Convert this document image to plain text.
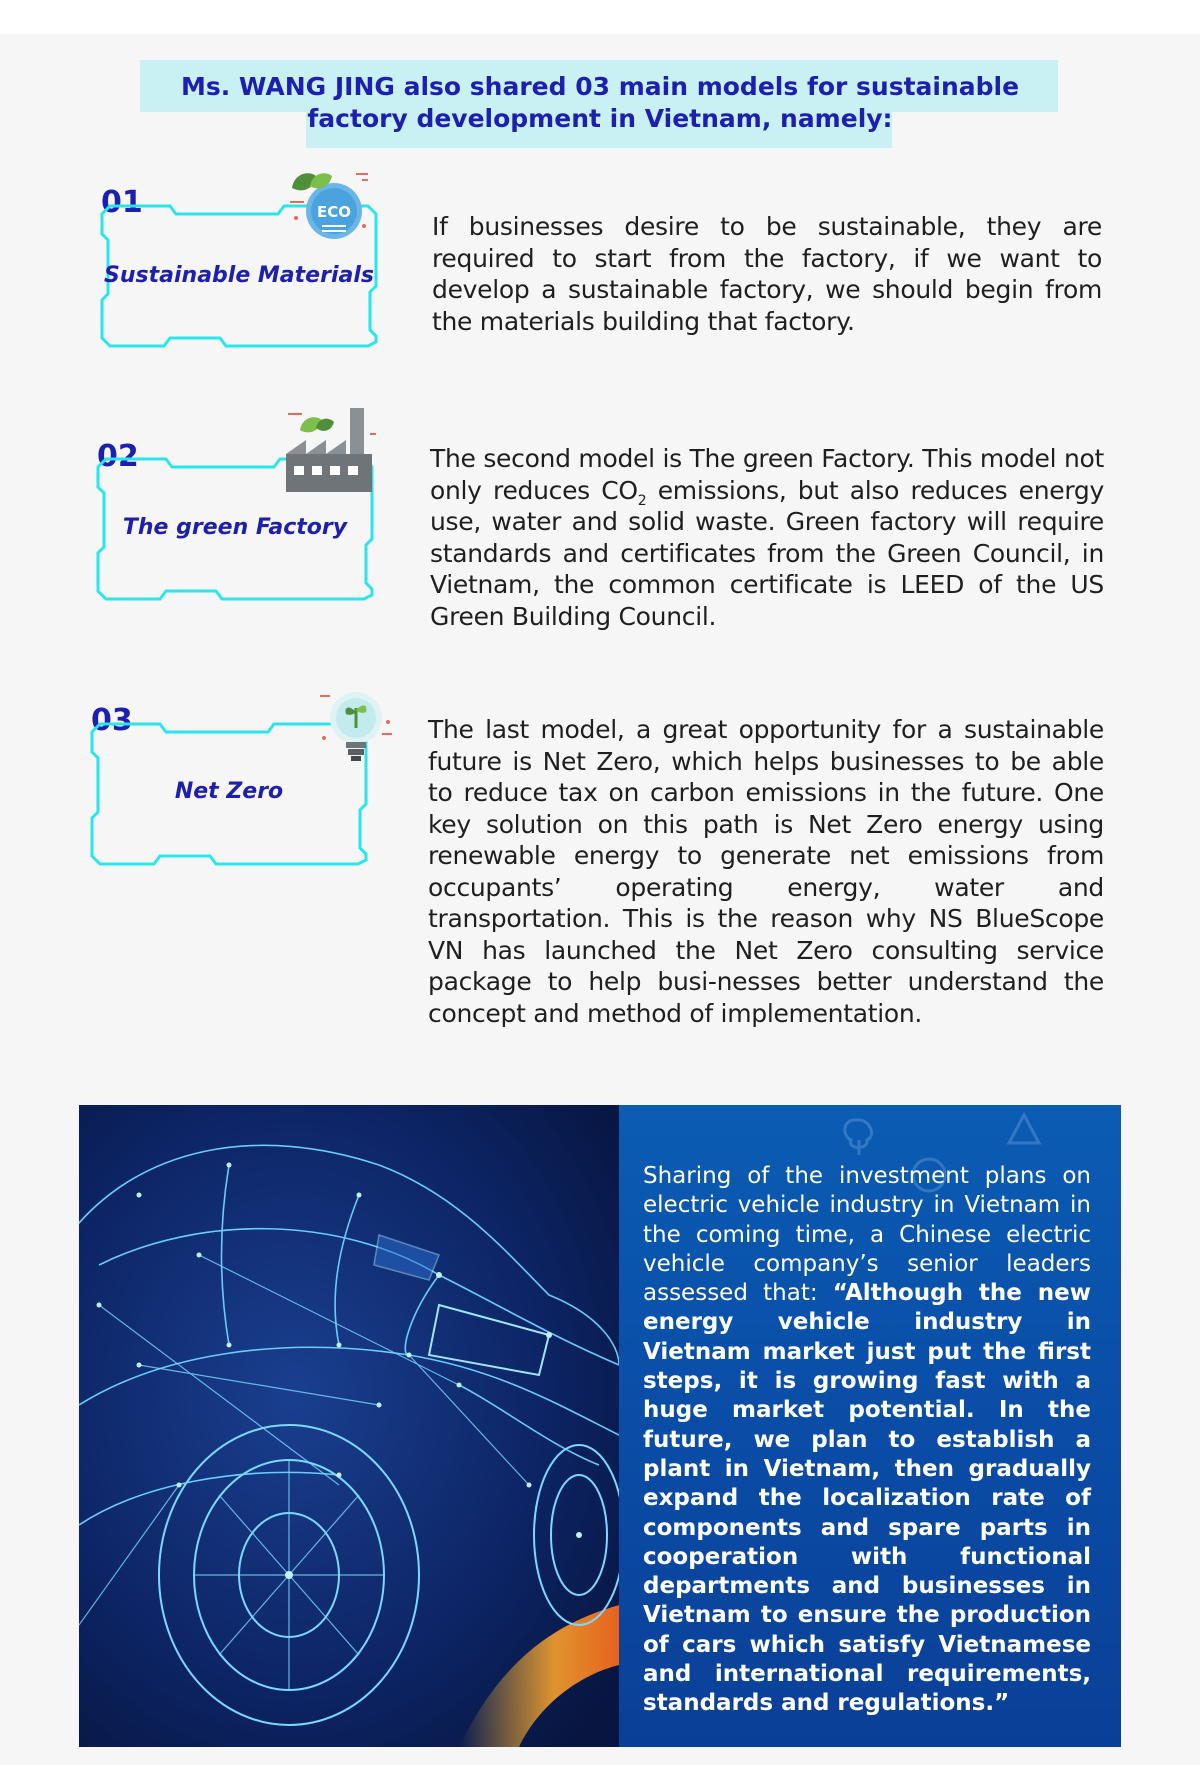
Ms. WANG JING also shared 03 main models for sustainable
factory development in Vietnam, namely:
01
Sustainable Materials
ECO	If businesses desire to be sustainable, they are required to start from the factory, if we want to develop a sustainable factory, we should begin from the materials building that factory.
02
The green Factory

The second model is The green Factory. This model not only reduces $CO_2$ emissions, but also reduces energy use, water and solid waste. Green factory will require standards and certificates from the Green Council, in Vietnam, the common certificate is LEED of the US Green Building Council.

03
Net Zero
The last model, a great opportunity for a sustainable future is Net Zero, which helps businesses to be able to reduce tax on carbon emissions in the future. One key solution on this path is Net Zero energy using renewable energy to generate net emissions from occupants’ operating energy, water and transportation. This is the reason why NS BlueScope VN has launched the Net Zero consulting service package to help busi-nesses better understand the concept and method of implementation.
Sharing of the investment plans on electric vehicle industry in Vietnam in the coming time, a Chinese electric vehicle company’s senior leaders assessed that: “Although the new energy vehicle industry in Vietnam market just put the first steps, it is growing fast with a huge market potential. In the future, we plan to establish a plant in Vietnam, then gradually expand the localization rate of components and spare parts in cooperation with functional departments and businesses in Vietnam to ensure the production of cars which satisfy Vietnamese and international requirements, standards and regulations.”
